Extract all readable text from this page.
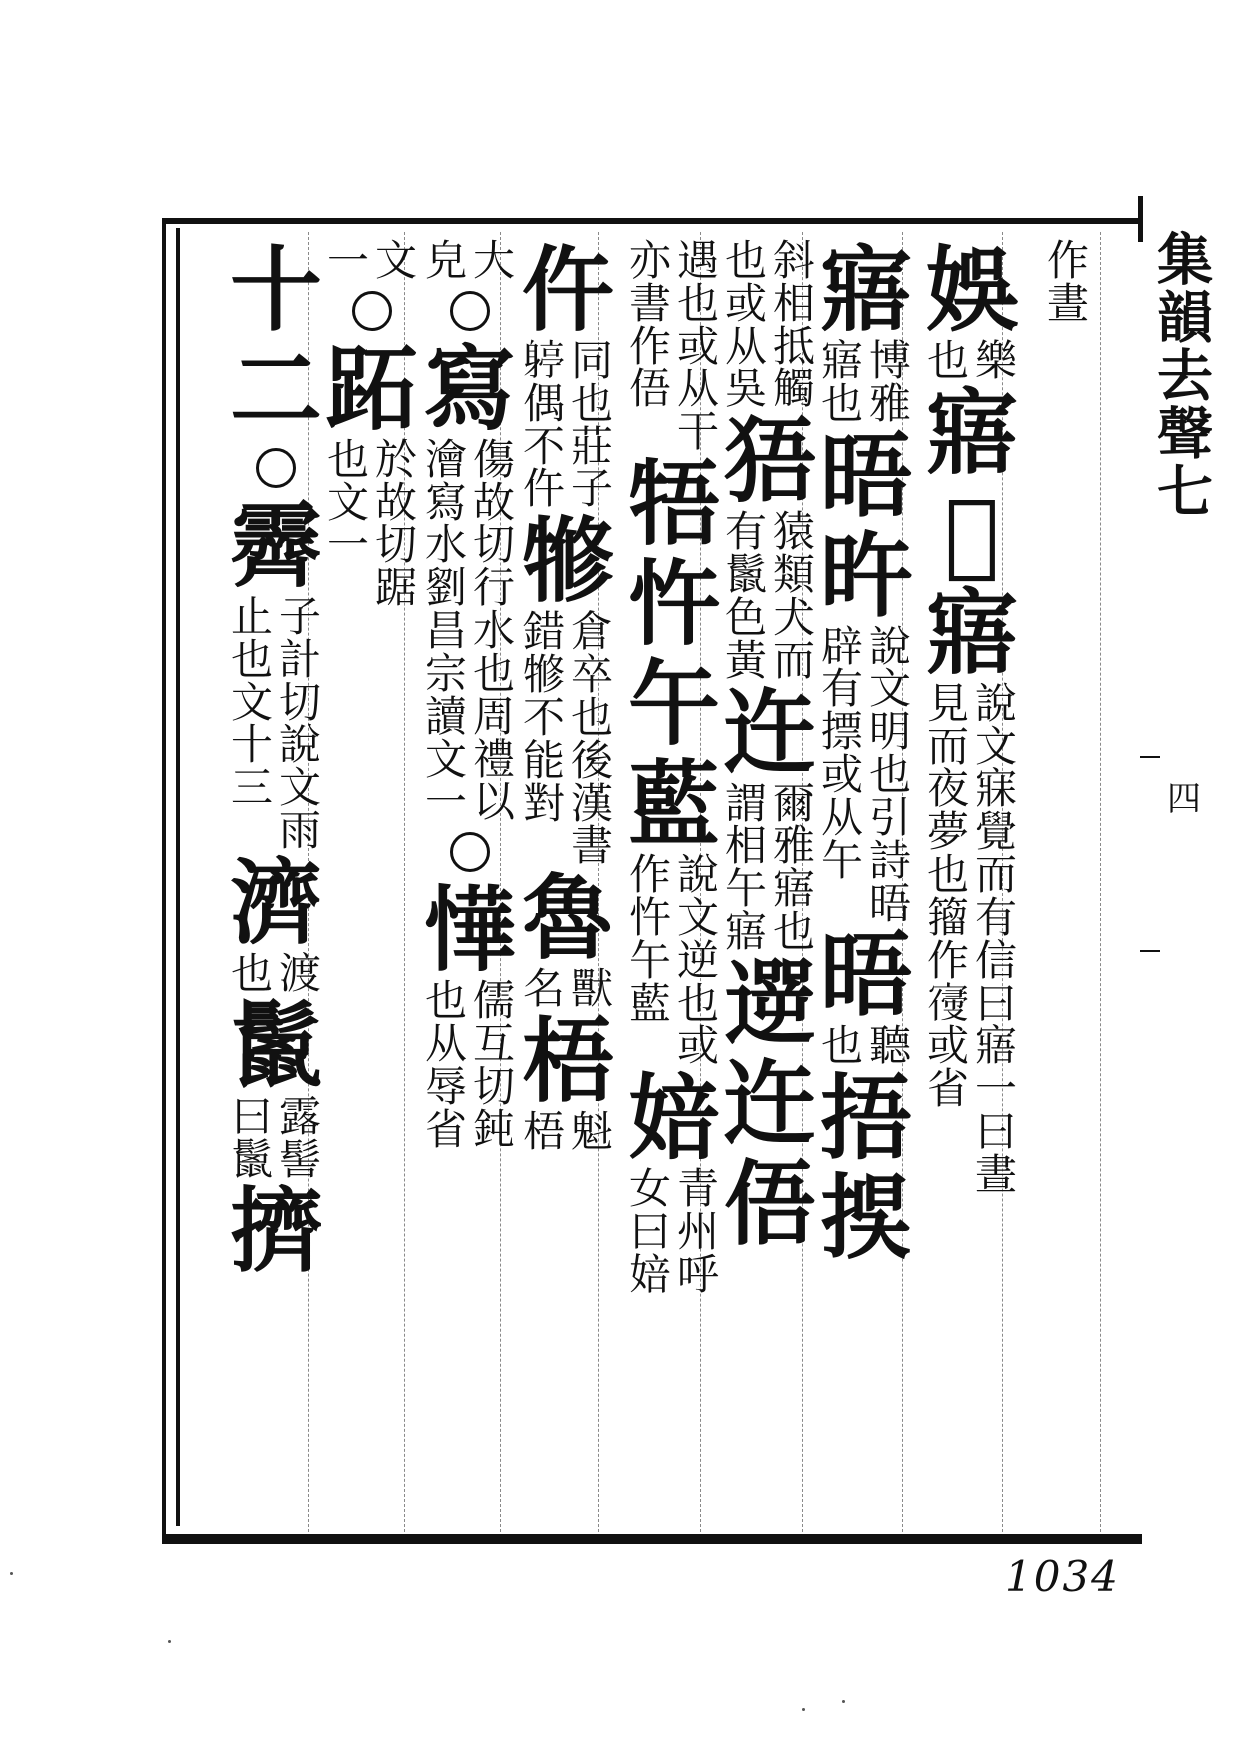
集韻去聲七
四
作
晝
娛
樂
也
寤
𪮨
寤
說
文
寐
覺
而
有
信
曰
寤
一
曰
晝
見
而
夜
夢
也
籀
作
𡪢
或
省
寤
博
雅
寤
也
晤
旿
說
文
明
也
引
詩
晤
辟
有
摽
或
从
午
晤
聽
也
捂
捑
斜
相
抵
觸
也
或
从
吳
㹳
猿
類
犬
而
有
鬛
色
黃
迕
爾
雅
寤
也
謂
相
午
寤
遻
迕
俉
遇
也
或
从
干
亦
書
作
俉
牾
忤
午
藍
說
文
逆
也
或
作
忤
午
藍
婄
青
州
呼
女
曰
婄
仵
同
也
莊
子
𨉬
偶
不
仵
㹋
倉
卒
也
後
漢
書
錯
㹋
不
能
對
魯
獸
名
梧
魁
梧
大
皃
寫
傷
故
切
行
水
也
周
禮
以
澮
寫
水
劉
昌
宗
讀
文
一
㦊
儒
互
切
鈍
也
从
辱
省
文
一
跖
於
故
切
踞
也
文
一
十
二
霽
子
計
切
說
文
雨
止
也
文
十
三
濟
渡
也
鬛
露
髻
曰
鬛
擠
1034
